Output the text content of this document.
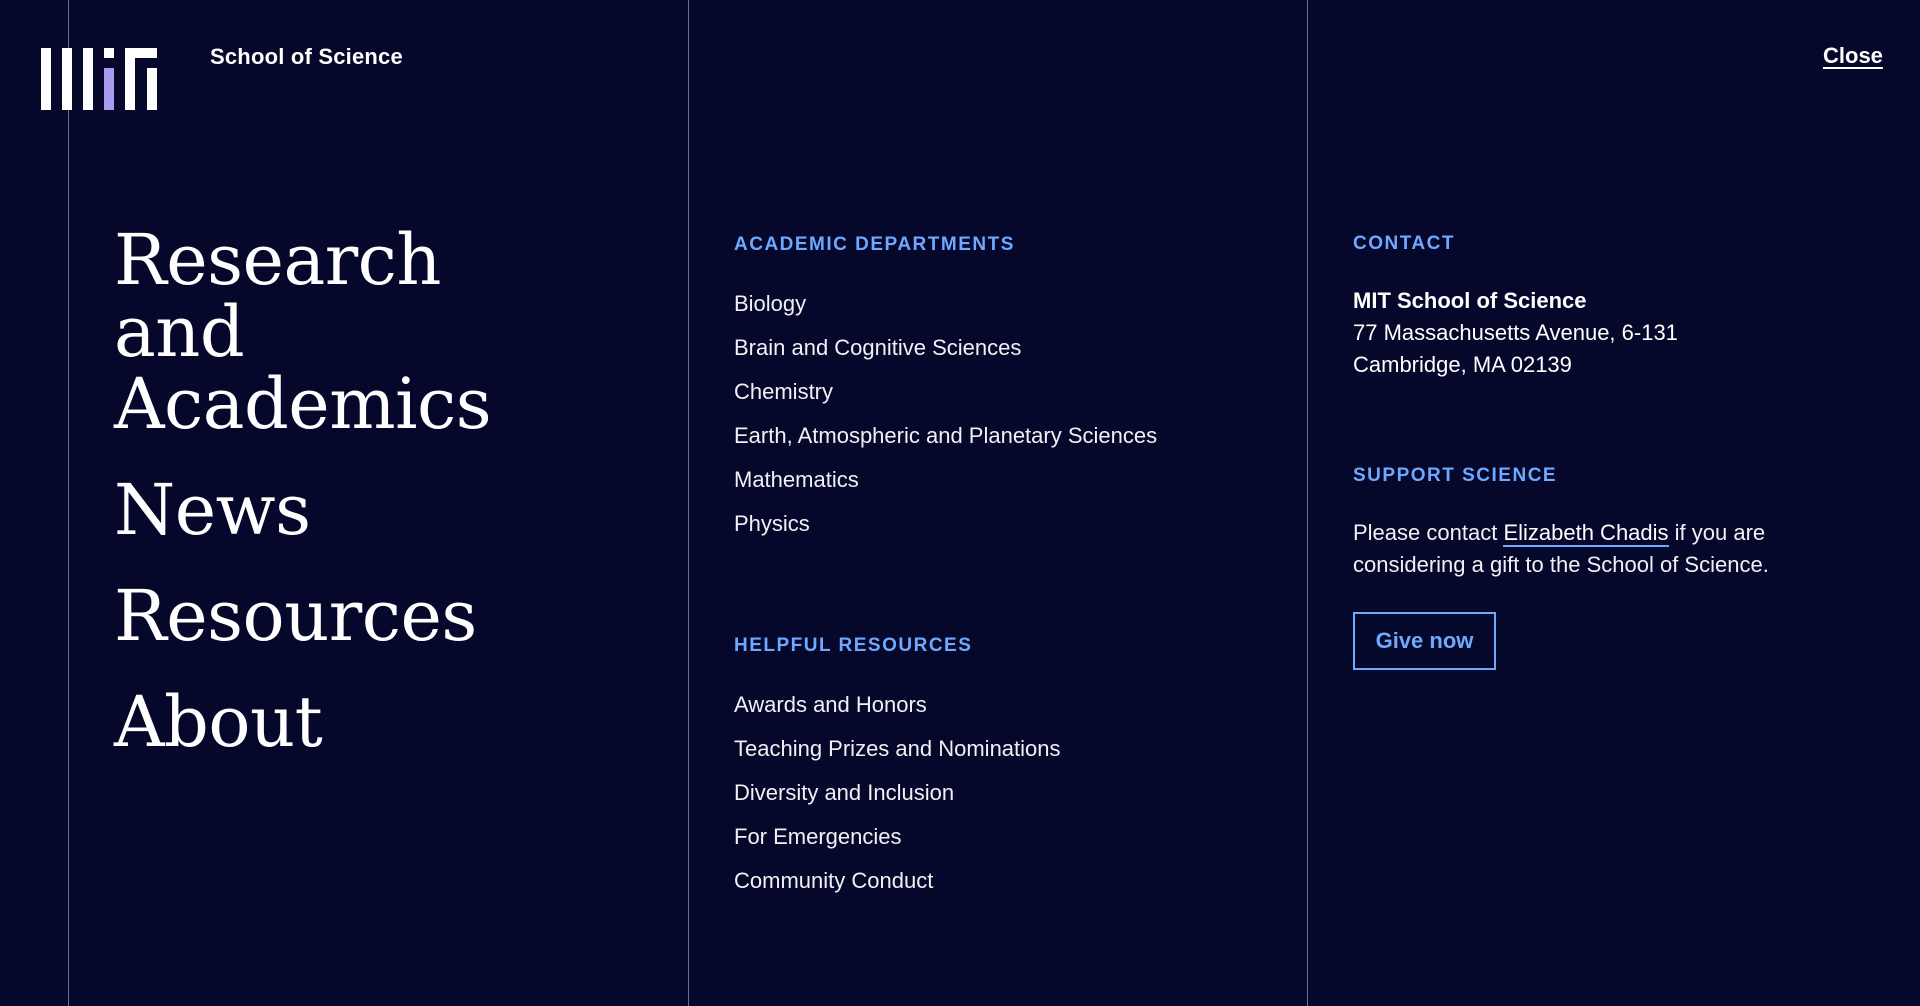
School of Science	Close
Research and Academics
News
Resources
About
ACADEMIC DEPARTMENTS
Biology
Brain and Cognitive Sciences
Chemistry
Earth, Atmospheric and Planetary Sciences
Mathematics
Physics
HELPFUL RESOURCES
Awards and Honors
Teaching Prizes and Nominations
Diversity and Inclusion
For Emergencies
Community Conduct
CONTACT
MIT School of Science
77 Massachusetts Avenue, 6-131
Cambridge, MA 02139
SUPPORT SCIENCE
Please contact Elizabeth Chadis if you are considering a gift to the School of Science.
Give now
